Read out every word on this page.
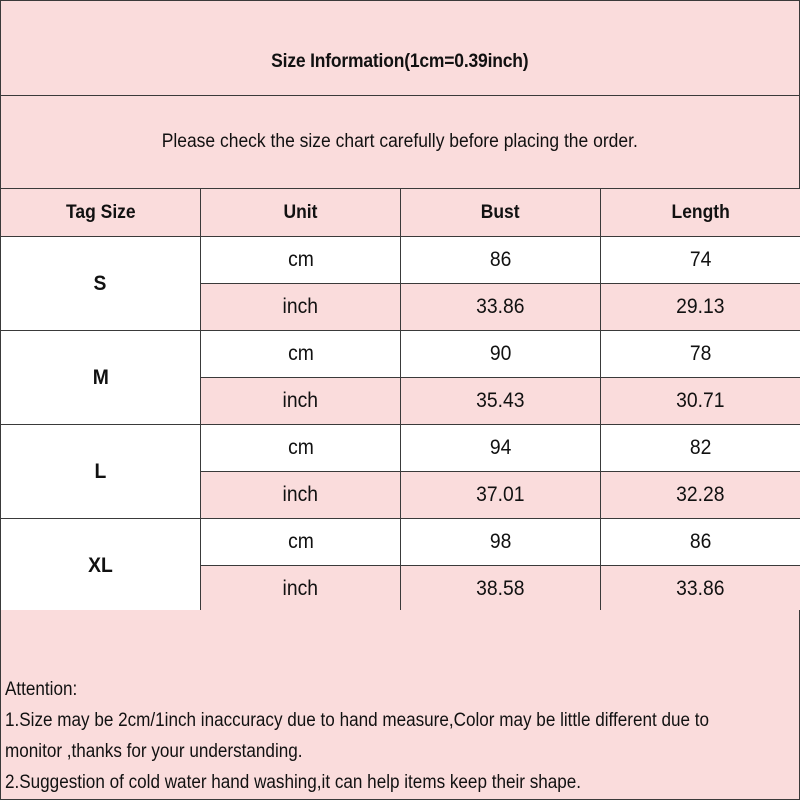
Size Information(1cm=0.39inch)
Please check the size chart carefully before placing the order.
Tag Size	Unit	Bust	Length
S	cm	86	74
	inch	33.86	29.13
M	cm	90	78
	inch	35.43	30.71
L	cm	94	82
	inch	37.01	32.28
XL	cm	98	86
	inch	38.58	33.86
Attention:
1.Size may be 2cm/1inch inaccuracy due to hand measure,Color may be little different due to
monitor ,thanks for your understanding.
2.Suggestion of cold water hand washing,it can help items keep their shape.
